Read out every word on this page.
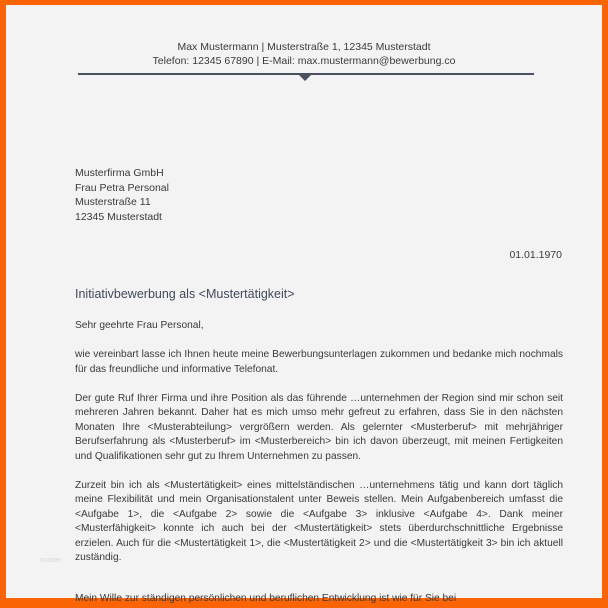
Max Mustermann | Musterstraße 1, 12345 Musterstadt
Telefon: 12345 67890 | E-Mail: max.mustermann@bewerbung.co
Musterfirma GmbH
Frau Petra Personal
Musterstraße 11
12345 Musterstadt
01.01.1970
Initiativbewerbung als <Mustertätigkeit>

Sehr geehrte Frau Personal,

wie vereinbart lasse ich Ihnen heute meine Bewerbungsunterlagen zukommen und bedanke mich nochmals für das freundliche und informative Telefonat.

Der gute Ruf Ihrer Firma und ihre Position als das führende …unternehmen der Region sind mir schon seit mehreren Jahren bekannt. Daher hat es mich umso mehr gefreut zu erfahren, dass Sie in den nächsten Monaten Ihre <Musterabteilung> vergrößern werden. Als gelernter <Musterberuf> mit mehrjähriger Berufserfahrung als <Musterberuf> im <Musterbereich> bin ich davon überzeugt, mit meinen Fertigkeiten und Qualifikationen sehr gut zu Ihrem Unternehmen zu passen.

Zurzeit bin ich als <Mustertätigkeit> eines mittelständischen …unternehmens tätig und kann dort täglich meine Flexibilität und mein Organisationstalent unter Beweis stellen. Mein Aufgabenbereich umfasst die <Aufgabe 1>, die <Aufgabe 2> sowie die <Aufgabe 3> inklusive <Aufgabe 4>. Dank meiner <Musterfähigkeit> konnte ich auch bei der <Mustertätigkeit> stets überdurchschnittliche Ergebnisse erzielen. Auch für die <Mustertätigkeit 1>, die <Mustertätigkeit 2> und die <Mustertätigkeit 3> bin ich aktuell zuständig.

muster
Mein Wille zur ständigen persönlichen und beruflichen Entwicklung ist wie für Sie bei
